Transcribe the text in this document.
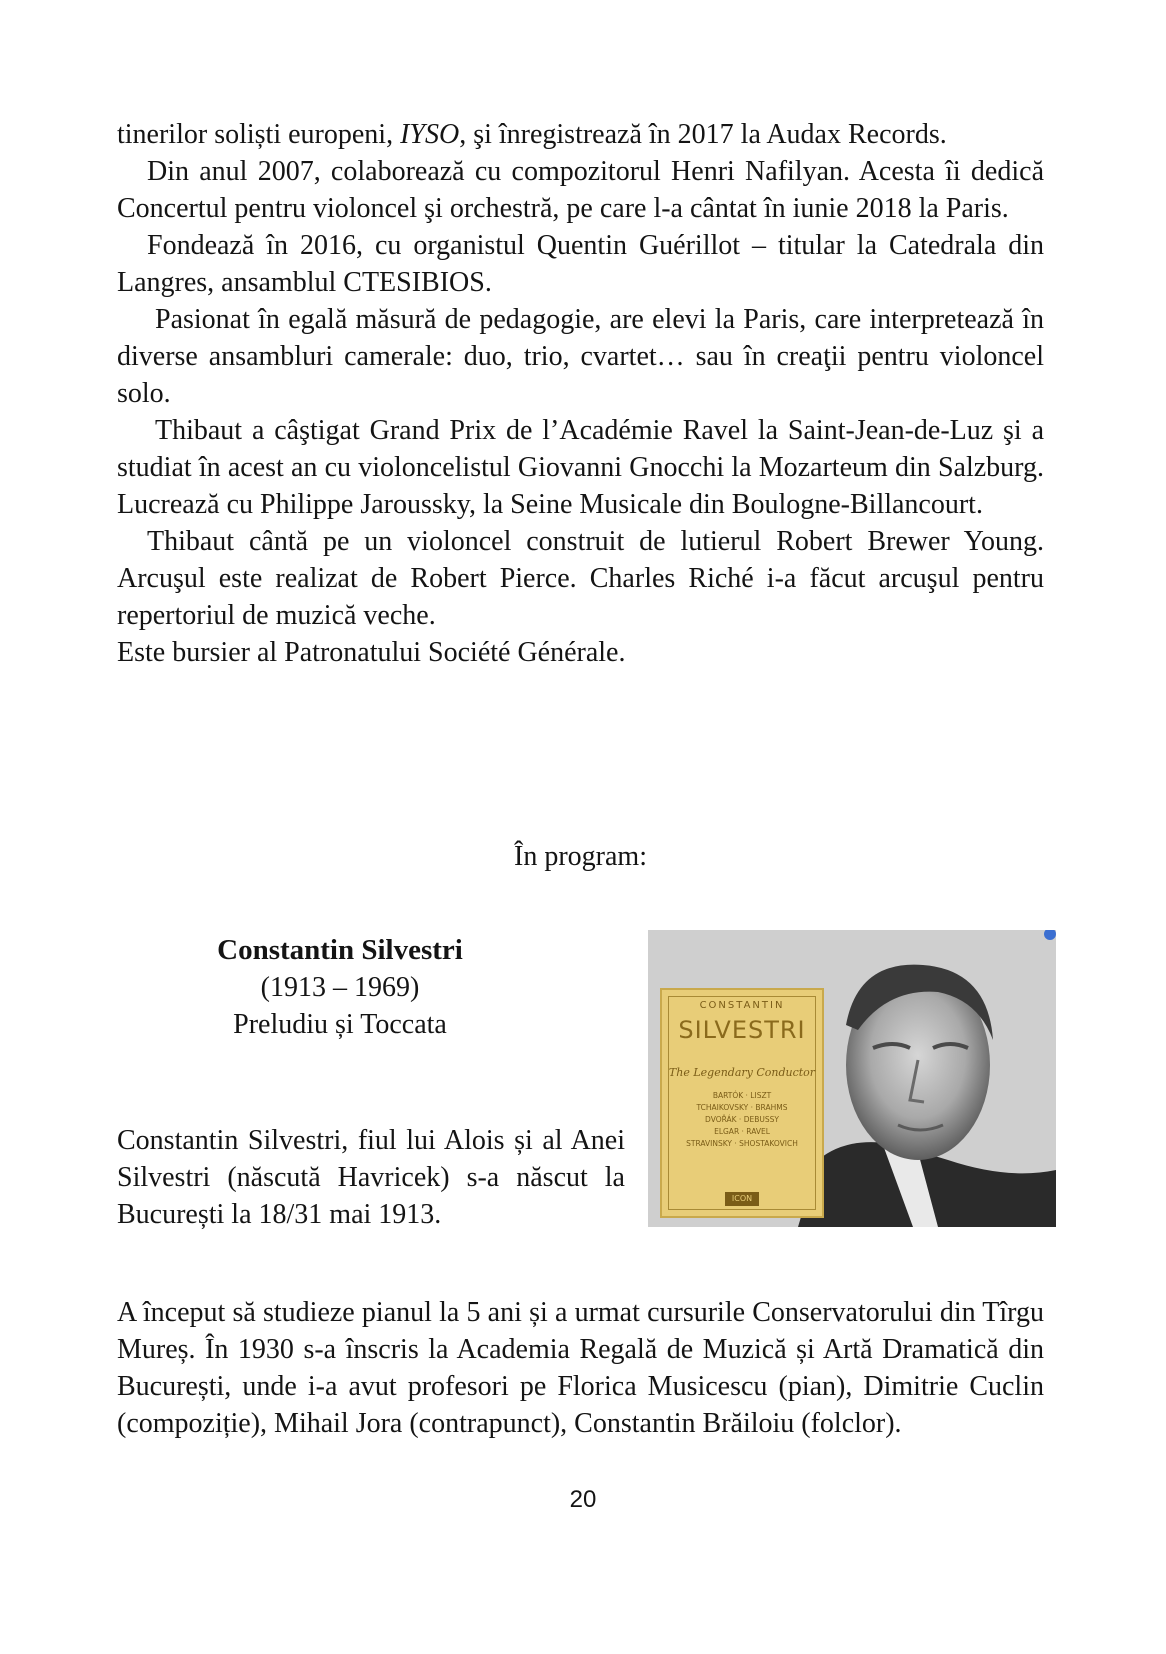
tinerilor soliști europeni, IYSO, şi înregistrează în 2017 la Audax Records.

Din anul 2007, colaborează cu compozitorul Henri Nafilyan. Acesta îi dedică Concertul pentru violoncel şi orchestră, pe care l-a cântat în iunie 2018 la Paris.

Fondează în 2016, cu organistul Quentin Guérillot – titular la Catedrala din Langres, ansamblul CTESIBIOS.

Pasionat în egală măsură de pedagogie, are elevi la Paris, care interpretează în diverse ansambluri camerale: duo, trio, cvartet… sau în creaţii pentru violoncel solo.

Thibaut a câştigat Grand Prix de l’Académie Ravel la Saint-Jean-de-Luz şi a studiat în acest an cu violoncelistul Giovanni Gnocchi la Mozarteum din Salzburg. Lucrează cu Philippe Jaroussky, la Seine Musicale din Boulogne-Billancourt.

Thibaut cântă pe un violoncel construit de lutierul Robert Brewer Young. Arcuşul este realizat de Robert Pierce. Charles Riché i-a făcut arcuşul pentru repertoriul de muzică veche.

Este bursier al Patronatului Société Générale.

În program:
Constantin Silvestri
(1913 – 1969)
Preludiu și Toccata
CONSTANTIN
SILVESTRI
The Legendary Conductor
BARTÓK · LISZT
TCHAIKOVSKY · BRAHMS
DVOŘÁK · DEBUSSY
ELGAR · RAVEL
STRAVINSKY · SHOSTAKOVICH
ICON

Constantin Silvestri, fiul lui Alois și al Anei Silvestri (născută Havricek) s-a născut la București la 18/31 mai 1913.

A început să studieze pianul la 5 ani și a urmat cursurile Conservatorului din Tîrgu Mureș. În 1930 s-a înscris la Academia Regală de Muzică și Artă Dramatică din București, unde i-a avut profesori pe Florica Musicescu (pian), Dimitrie Cuclin (compoziție), Mihail Jora (contrapunct), Constantin Brăiloiu (folclor).

20
